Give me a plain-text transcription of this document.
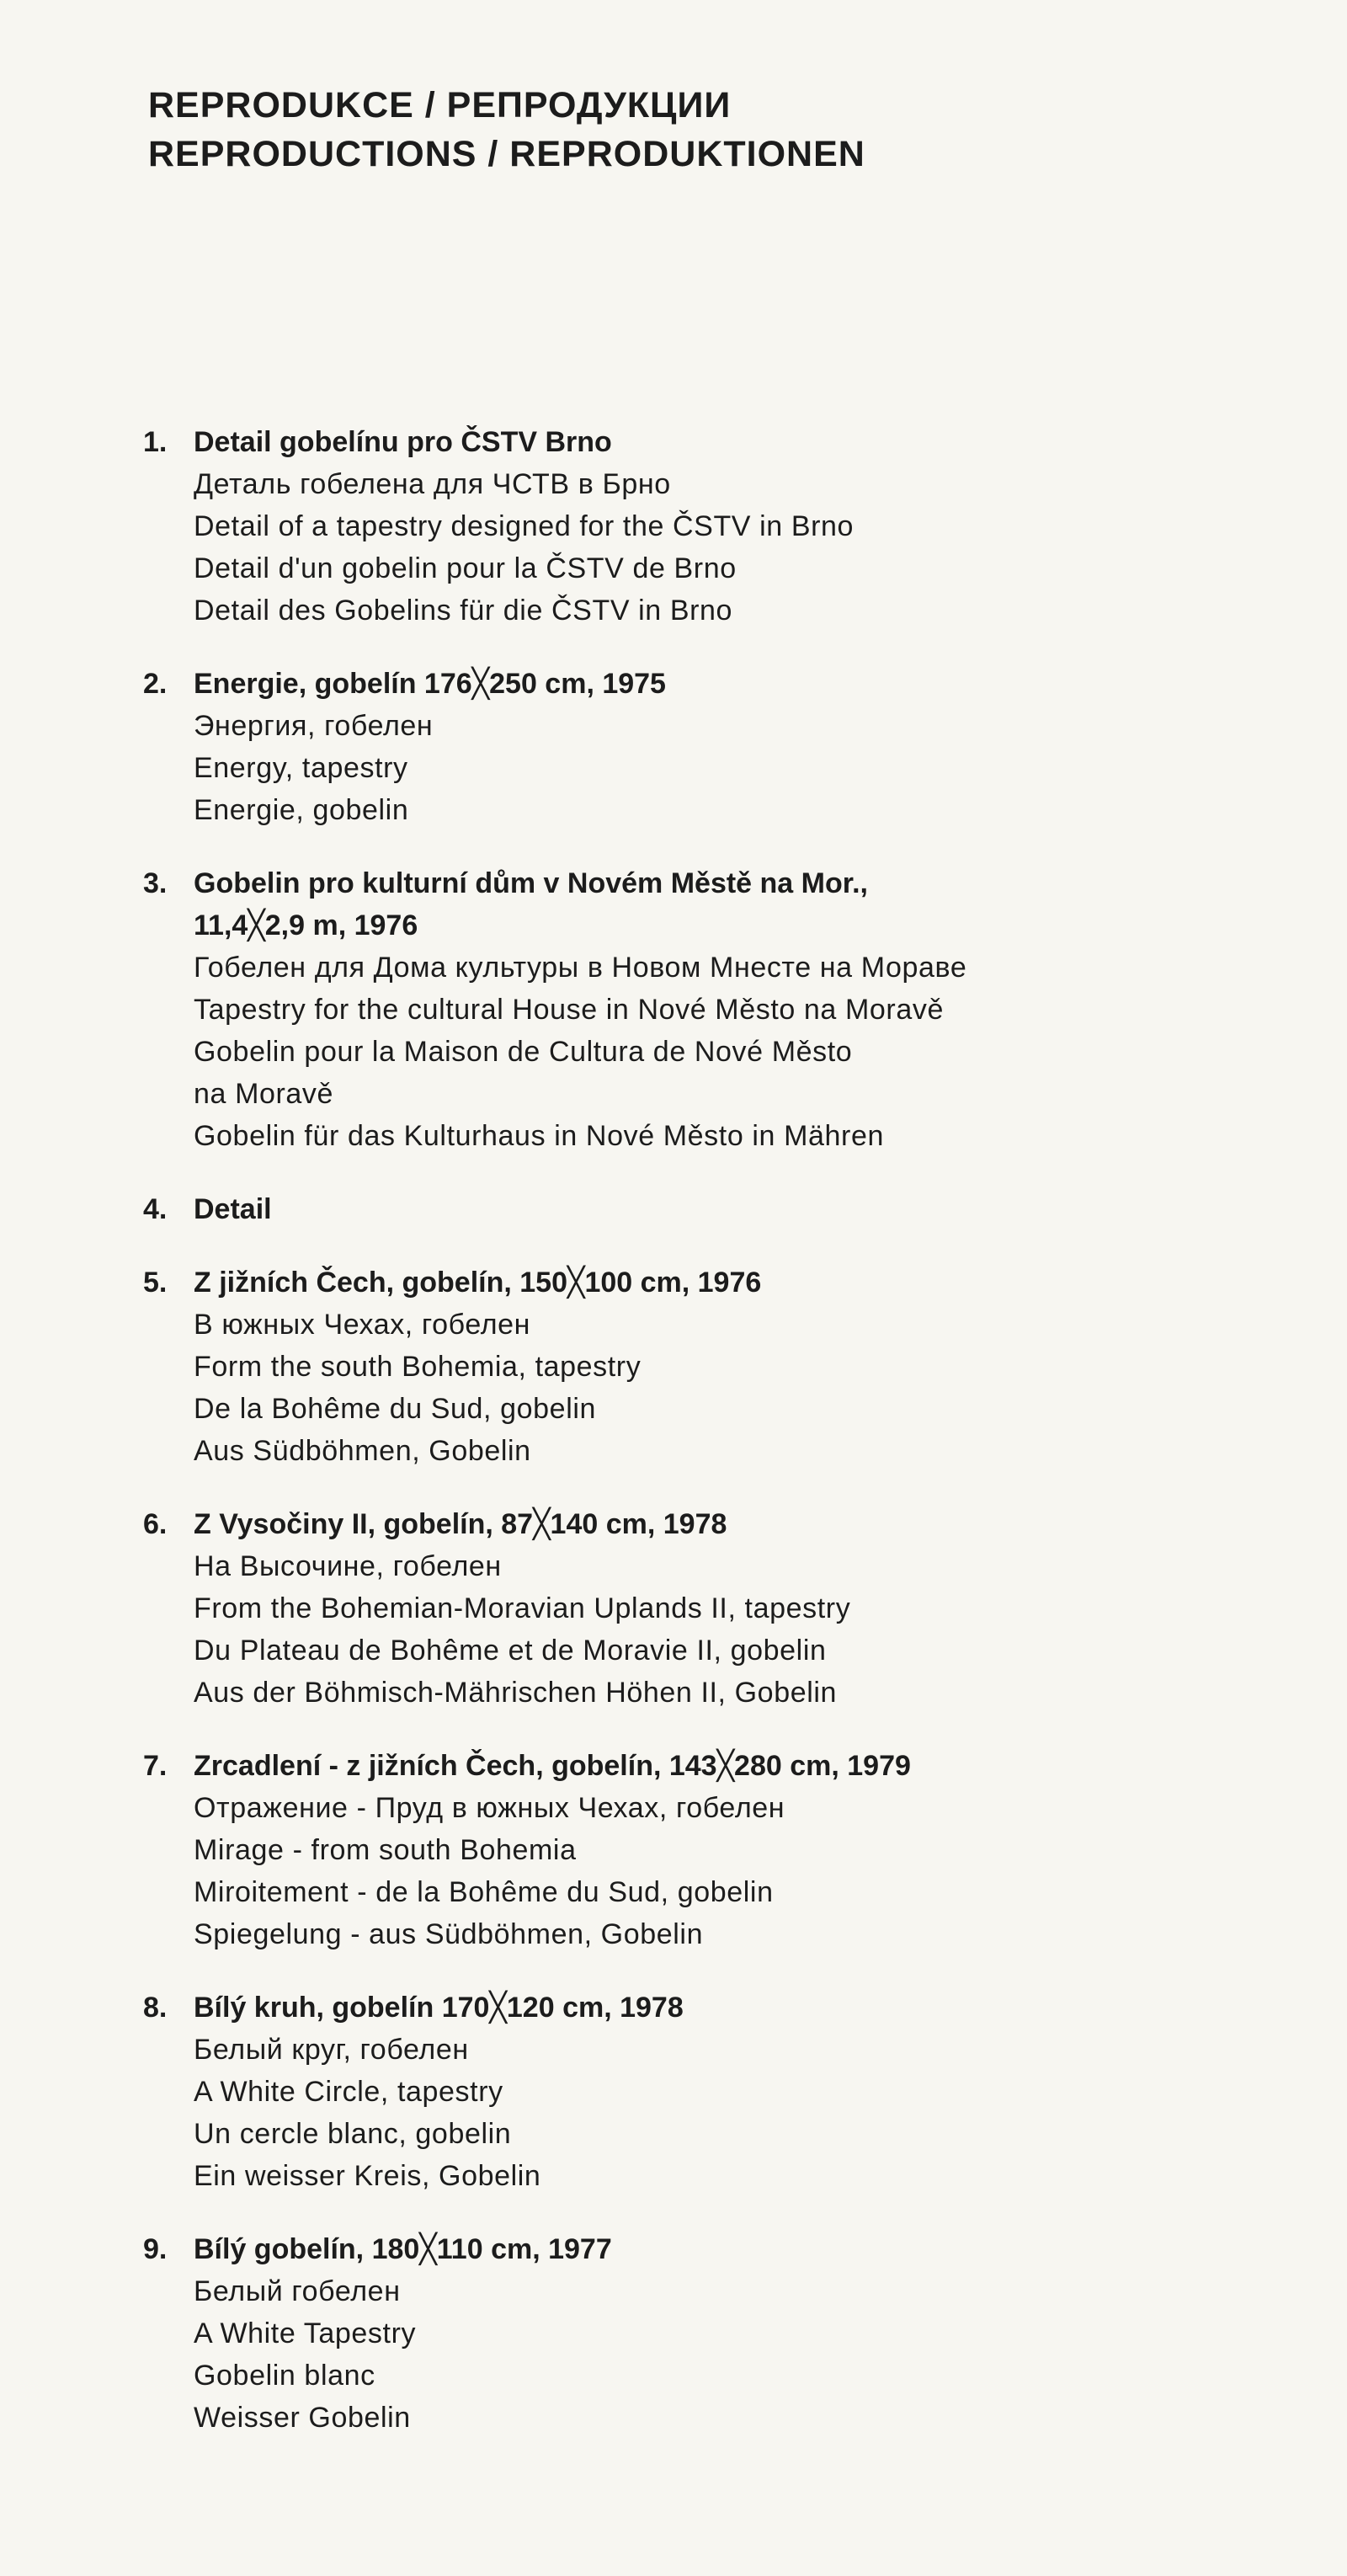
REPRODUKCE / РЕПРОДУКЦИИ
REPRODUCTIONS / REPRODUKTIONEN
1. Detail gobelínu pro ČSTV Brno
Деталь гобелена для ЧСТВ в Брно
Detail of a tapestry designed for the ČSTV in Brno
Detail d'un gobelin pour la ČSTV de Brno
Detail des Gobelins für die ČSTV in Brno
2. Energie, gobelín 176╳250 cm, 1975
Энергия, гобелен
Energy, tapestry
Energie, gobelin
3. Gobelin pro kulturní dům v Novém Městě na Mor.,
11,4╳2,9 m, 1976
Гобелен для Дома культуры в Новом Мнесте на Мораве
Tapestry for the cultural House in Nové Město na Moravě
Gobelin pour la Maison de Cultura de Nové Město
na Moravě
Gobelin für das Kulturhaus in Nové Město in Mähren
4. Detail
5. Z jižních Čech, gobelín, 150╳100 cm, 1976
В южных Чехах, гобелен
Form the south Bohemia, tapestry
De la Bohême du Sud, gobelin
Aus Südböhmen, Gobelin
6. Z Vysočiny II, gobelín, 87╳140 cm, 1978
На Высочине, гобелен
From the Bohemian-Moravian Uplands II, tapestry
Du Plateau de Bohême et de Moravie II, gobelin
Aus der Böhmisch-Mährischen Höhen II, Gobelin
7. Zrcadlení - z jižních Čech, gobelín, 143╳280 cm, 1979
Отражение - Пруд в южных Чехах, гобелен
Mirage - from south Bohemia
Miroitement - de la Bohême du Sud, gobelin
Spiegelung - aus Südböhmen, Gobelin
8. Bílý kruh, gobelín 170╳120 cm, 1978
Белый круг, гобелен
A White Circle, tapestry
Un cercle blanc, gobelin
Ein weisser Kreis, Gobelin
9. Bílý gobelín, 180╳110 cm, 1977
Белый гобелен
A White Tapestry
Gobelin blanc
Weisser Gobelin
